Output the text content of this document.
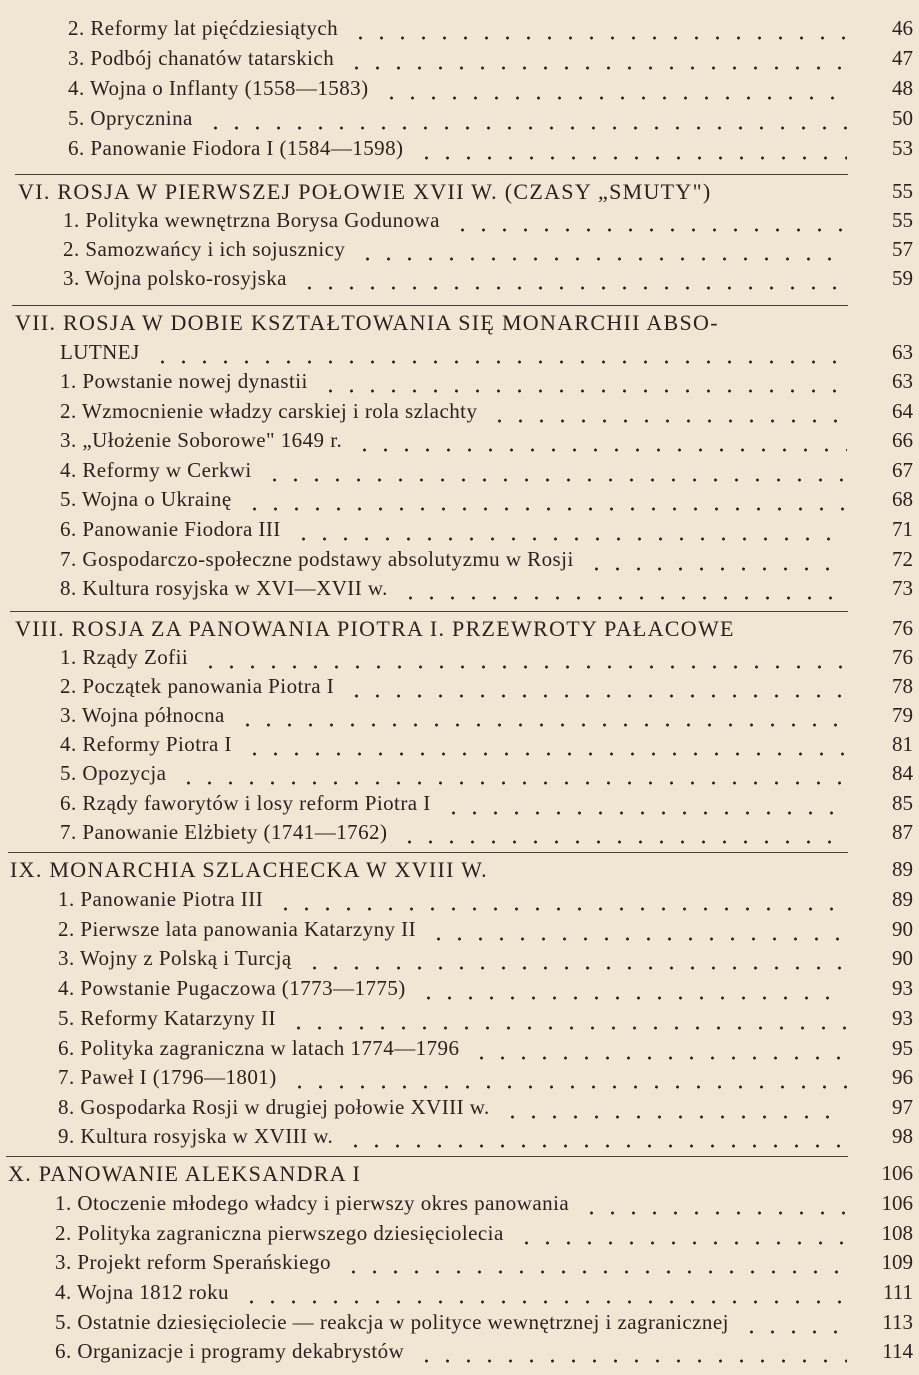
2. Reformy lat pięćdziesiątych	46
3. Podbój chanatów tatarskich	47
4. Wojna o Inflanty (1558—1583)	48
5. Oprycznina	50
6. Panowanie Fiodora I (1584—1598)	53
VI. ROSJA W PIERWSZEJ POŁOWIE XVII W. (CZASY „SMUTY")	55
1. Polityka wewnętrzna Borysa Godunowa	55
2. Samozwańcy i ich sojusznicy	57
3. Wojna polsko-rosyjska	59
VII. ROSJA W DOBIE KSZTAŁTOWANIA SIĘ MONARCHII ABSO-
LUTNEJ	63
1. Powstanie nowej dynastii	63
2. Wzmocnienie władzy carskiej i rola szlachty	64
3. „Ułożenie Soborowe" 1649 r.	66
4. Reformy w Cerkwi	67
5. Wojna o Ukrainę	68
6. Panowanie Fiodora III	71
7. Gospodarczo-społeczne podstawy absolutyzmu w Rosji	72
8. Kultura rosyjska w XVI—XVII w.	73
VIII. ROSJA ZA PANOWANIA PIOTRA I. PRZEWROTY PAŁACOWE	76
1. Rządy Zofii	76
2. Początek panowania Piotra I	78
3. Wojna północna	79
4. Reformy Piotra I	81
5. Opozycja	84
6. Rządy faworytów i losy reform Piotra I	85
7. Panowanie Elżbiety (1741—1762)	87
IX. MONARCHIA SZLACHECKA W XVIII W.	89
1. Panowanie Piotra III	89
2. Pierwsze lata panowania Katarzyny II	90
3. Wojny z Polską i Turcją	90
4. Powstanie Pugaczowa (1773—1775)	93
5. Reformy Katarzyny II	93
6. Polityka zagraniczna w latach 1774—1796	95
7. Paweł I (1796—1801)	96
8. Gospodarka Rosji w drugiej połowie XVIII w.	97
9. Kultura rosyjska w XVIII w.	98
X. PANOWANIE ALEKSANDRA I	106
1. Otoczenie młodego władcy i pierwszy okres panowania	106
2. Polityka zagraniczna pierwszego dziesięciolecia	108
3. Projekt reform Sperańskiego	109
4. Wojna 1812 roku	111
5. Ostatnie dziesięciolecie — reakcja w polityce wewnętrznej i zagranicznej	113
6. Organizacje i programy dekabrystów	114
